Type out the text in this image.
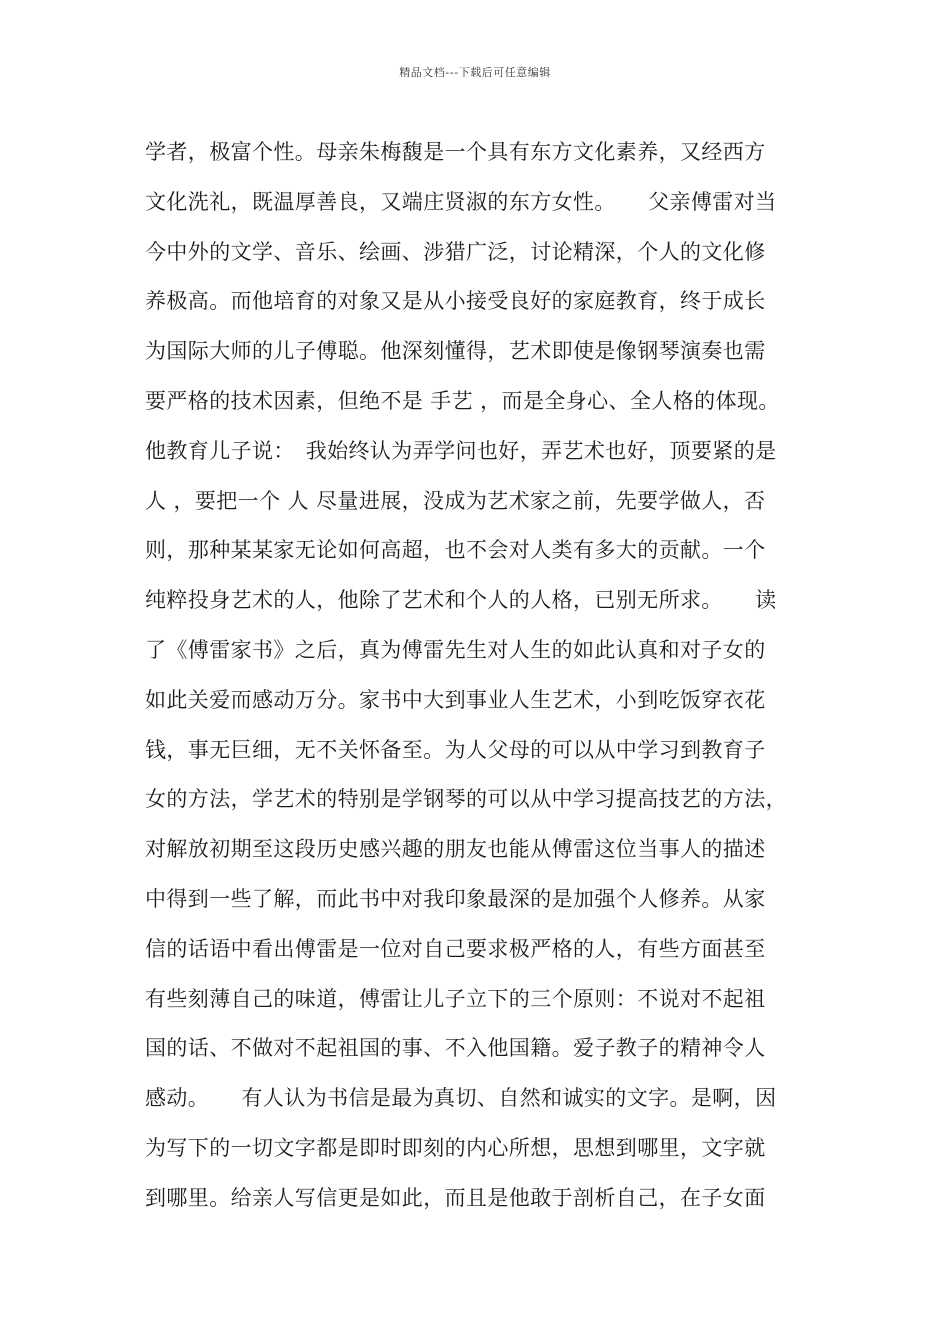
精品文档---下载后可任意编辑
学者，极富个性。母亲朱梅馥是一个具有东方文化素养，又经西方
文化洗礼，既温厚善良，又端庄贤淑的东方女性。　　父亲傅雷对当
今中外的文学、音乐、绘画、涉猎广泛，讨论精深，个人的文化修
养极高。而他培育的对象又是从小接受良好的家庭教育，终于成长
为国际大师的儿子傅聪。他深刻懂得，艺术即使是像钢琴演奏也需
要严格的技术因素，但绝不是 手艺 ，而是全身心、全人格的体现。
他教育儿子说：　我始终认为弄学问也好，弄艺术也好，顶要紧的是
人 ，要把一个 人 尽量进展，没成为艺术家之前，先要学做人，否
则，那种某某家无论如何高超，也不会对人类有多大的贡献。一个
纯粹投身艺术的人，他除了艺术和个人的人格，已别无所求。　　读
了《傅雷家书》之后，真为傅雷先生对人生的如此认真和对子女的
如此关爱而感动万分。家书中大到事业人生艺术，小到吃饭穿衣花
钱，事无巨细，无不关怀备至。为人父母的可以从中学习到教育子
女的方法，学艺术的特别是学钢琴的可以从中学习提高技艺的方法，
对解放初期至这段历史感兴趣的朋友也能从傅雷这位当事人的描述
中得到一些了解，而此书中对我印象最深的是加强个人修养。从家
信的话语中看出傅雷是一位对自己要求极严格的人，有些方面甚至
有些刻薄自己的味道，傅雷让儿子立下的三个原则：不说对不起祖
国的话、不做对不起祖国的事、不入他国籍。爱子教子的精神令人
感动。　　有人认为书信是最为真切、自然和诚实的文字。是啊，因
为写下的一切文字都是即时即刻的内心所想，思想到哪里，文字就
到哪里。给亲人写信更是如此，而且是他敢于剖析自己，在子女面
